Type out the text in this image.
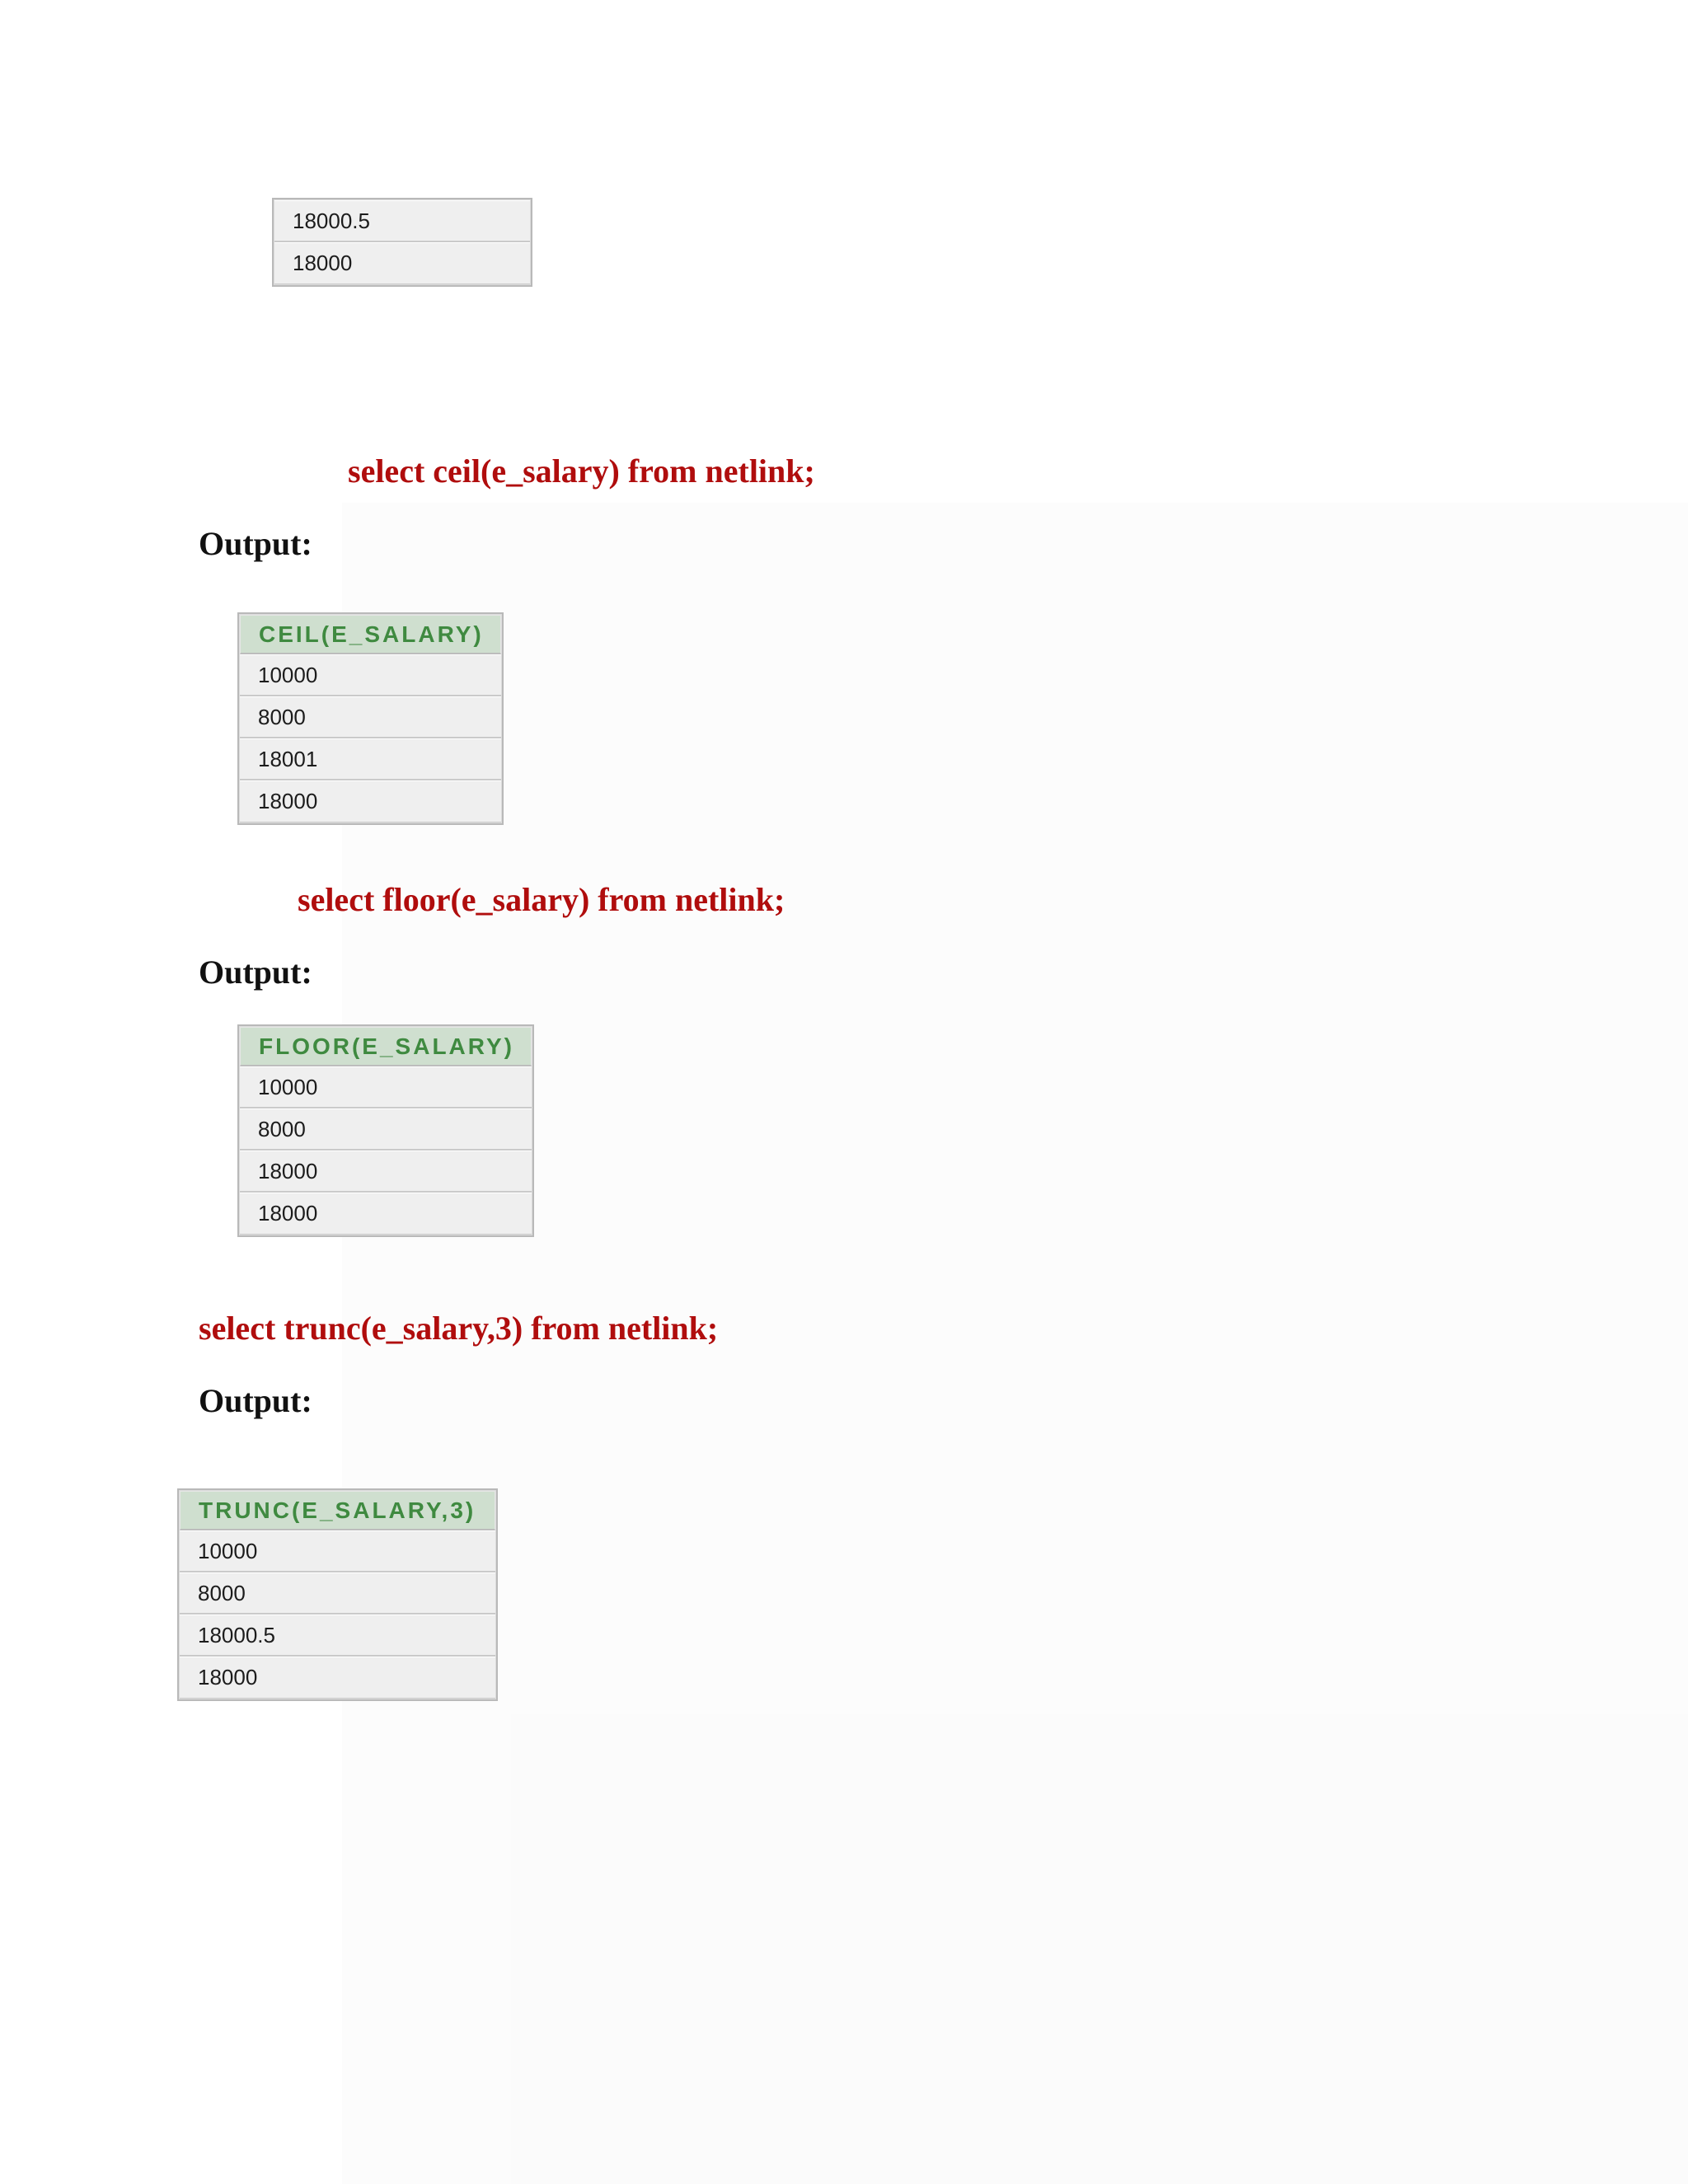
18000.5
18000

select ceil(e_salary) from netlink;

Output:

CEIL(E_SALARY)
10000
8000
18001
18000

select floor(e_salary) from netlink;

Output:

FLOOR(E_SALARY)
10000
8000
18000
18000

select trunc(e_salary,3) from netlink;

Output:

TRUNC(E_SALARY,3)
10000
8000
18000.5
18000
